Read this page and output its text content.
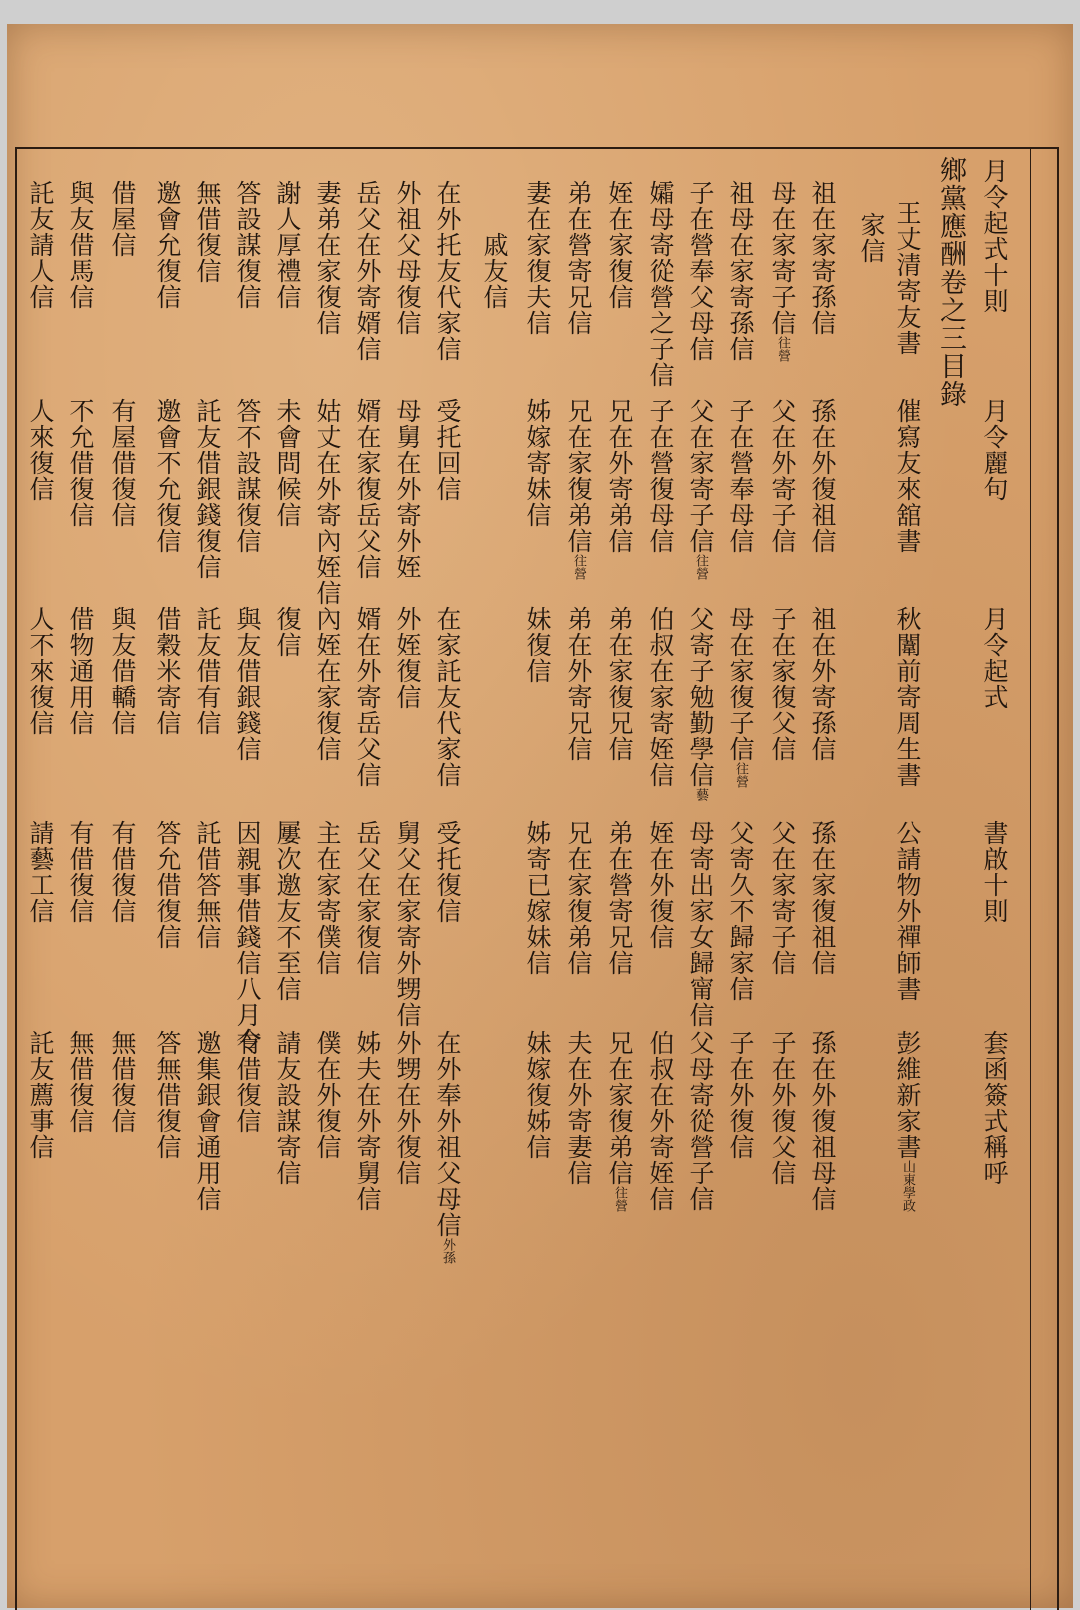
鄉黨應酬卷之三目錄
家信
戚友信	月令起式十則
月令麗句
月令起式
書啟十則
套函簽式稱呼
王丈清寄友書
催寫友來舘書
秋闈前寄周生書
公請物外禪師書
彭維新家書山東學政
祖在家寄孫信
母在家寄子信往營
祖母在家寄孫信
子在營奉父母信
孀母寄從營之子信
姪在家復信
弟在營寄兄信
妻在家復夫信
孫在外復祖信
父在外寄子信
子在營奉母信
父在家寄子信往營
子在營復母信
兄在外寄弟信
兄在家復弟信往營
姊嫁寄妹信
祖在外寄孫信
子在家復父信
母在家復子信往營
父寄子勉勤學信藝
伯叔在家寄姪信
弟在家復兄信
弟在外寄兄信
妹復信
孫在家復祖信
父在家寄子信
父寄久不歸家信
母寄出家女歸甯信
姪在外復信
弟在營寄兄信
兄在家復弟信
姊寄已嫁妹信
孫在外復祖母信
子在外復父信
子在外復信
父母寄從營子信
伯叔在外寄姪信
兄在家復弟信往營
夫在外寄妻信
妹嫁復姊信
在外托友代家信
外祖父母復信
岳父在外寄婿信
妻弟在家復信
謝人厚禮信
答設謀復信
無借復信
邀會允復信
借屋信
與友借馬信
託友請人信
受托回信
母舅在外寄外姪
婿在家復岳父信
姑丈在外寄內姪信
未會問候信
答不設謀復信
託友借銀錢復信
邀會不允復信
有屋借復信
不允借復信
人來復信
在家託友代家信
外姪復信
婿在外寄岳父信
內姪在家復信
復信
與友借銀錢信
託友借有信
借穀米寄信
與友借轎信
借物通用信
人不來復信
受托復信
舅父在家寄外甥信
岳父在家復信
主在家寄僕信
屢次邀友不至信
因親事借錢信八月令
託借答無信
答允借復信
有借復信
有借復信
請藝工信
在外奉外祖父母信外孫
外甥在外復信
姊夫在外寄舅信
僕在外復信
請友設謀寄信
有借復信
邀集銀會通用信
答無借復信
無借復信
無借復信
託友薦事信
